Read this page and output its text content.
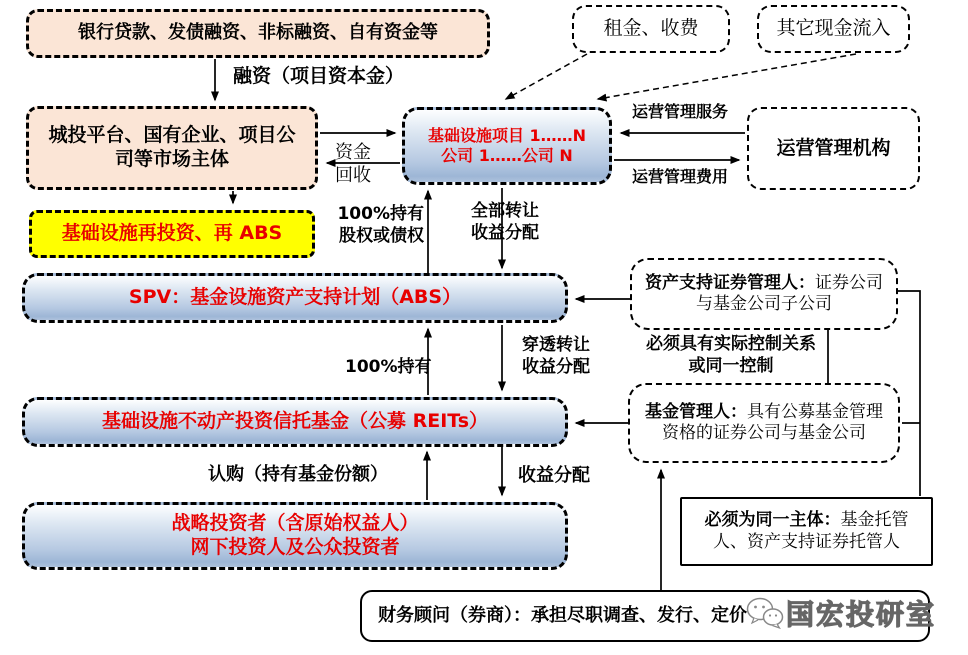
银行贷款、发债融资、非标融资、自有资金等
城投平台、国有企业、项目公司等市场主体
基础设施再投资、再 ABS
基础设施项目 1……N
公司 1……公司 N
租金、收费	其它现金流入
运营管理机构
SPV：基金设施资产支持计划（ABS）
基础设施不动产投资信托基金（公募 REITs）
战略投资者（含原始权益人）
网下投资人及公众投资者
资产支持证券管理人：证券公司与基金公司子公司
基金管理人：具有公募基金管理资格的证券公司与基金公司
必须为同一主体：基金托管人、资产支持证券托管人
财务顾问（券商）：承担尽职调查、发行、定价
融资（项目资本金）
资金
回收
运营管理服务
运营管理费用
100%持有
股权或债权
全部转让
收益分配
100%持有
穿透转让
收益分配
必须具有实际控制关系
或同一控制
认购（持有基金份额）	收益分配
国宏投研室
